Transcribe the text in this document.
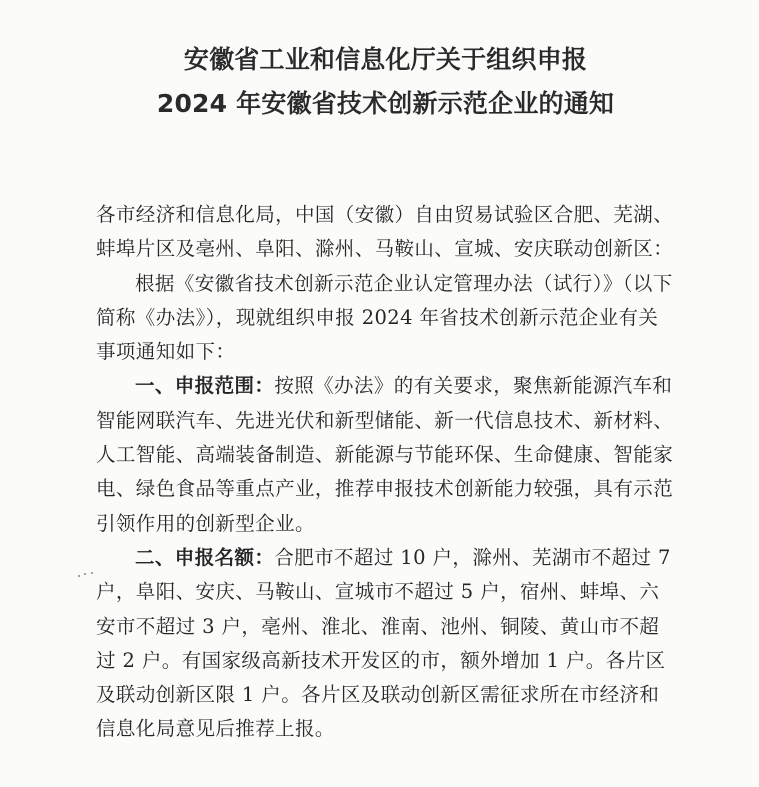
安徽省工业和信息化厅关于组织申报
2024 年安徽省技术创新示范企业的通知

各市经济和信息化局，中国（安徽）自由贸易试验区合肥、芜湖、蚌埠片区及亳州、阜阳、滁州、马鞍山、宣城、安庆联动创新区：

根据《安徽省技术创新示范企业认定管理办法（试行）》（以下简称《办法》），现就组织申报 2024 年省技术创新示范企业有关事项通知如下：

一、申报范围：按照《办法》的有关要求，聚焦新能源汽车和智能网联汽车、先进光伏和新型储能、新一代信息技术、新材料、人工智能、高端装备制造、新能源与节能环保、生命健康、智能家电、绿色食品等重点产业，推荐申报技术创新能力较强，具有示范引领作用的创新型企业。

二、申报名额：合肥市不超过 10 户，滁州、芜湖市不超过 7 户，阜阳、安庆、马鞍山、宣城市不超过 5 户，宿州、蚌埠、六安市不超过 3 户，亳州、淮北、淮南、池州、铜陵、黄山市不超过 2 户。有国家级高新技术开发区的市，额外增加 1 户。各片区及联动创新区限 1 户。各片区及联动创新区需征求所在市经济和信息化局意见后推荐上报。
